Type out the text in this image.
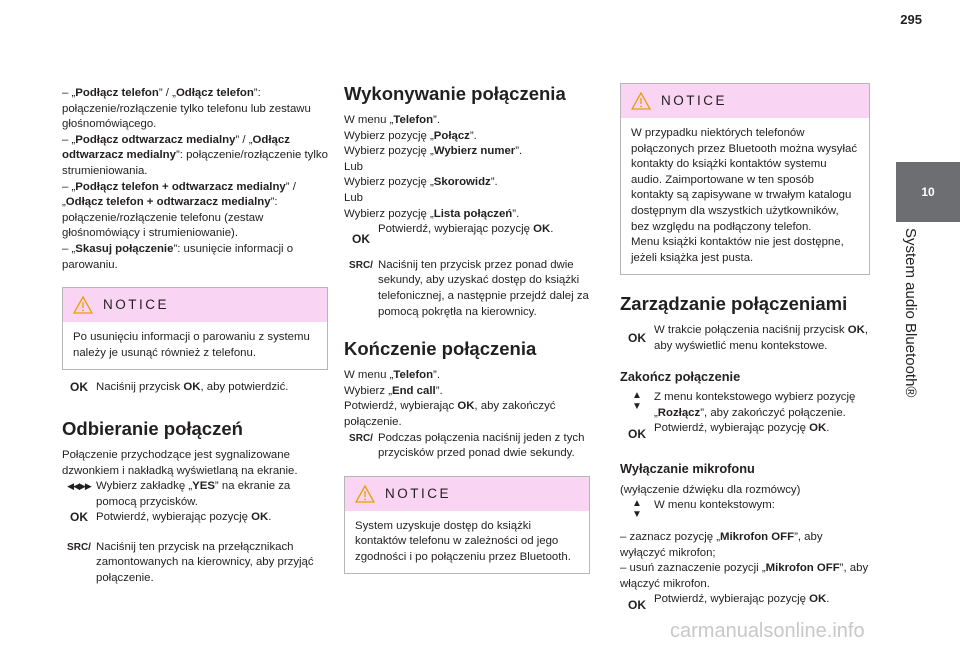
295
10
System audio Bluetooth®

– „Podłącz telefon” / „Odłącz telefon”: połączenie/rozłączenie tylko telefonu lub zestawu głośnomówiącego.

– „Podłącz odtwarzacz medialny” / „Odłącz odtwarzacz medialny”: połączenie/rozłączenie tylko strumieniowania.

– „Podłącz telefon + odtwarzacz medialny” / „Odłącz telefon + odtwarzacz medialny”: połączenie/rozłączenie telefonu (zestaw głośnomówiący i strumieniowanie).

– „Skasuj połączenie”: usunięcie informacji o parowaniu.

NOTICE
Po usunięciu informacji o parowaniu z systemu należy je usunąć również z telefonu.
OK Naciśnij przycisk OK, aby potwierdzić.

Odbieranie połączeń

Połączenie przychodzące jest sygnalizowane dzwonkiem i nakładką wyświetlaną na ekranie.

◀◀▶▶ Wybierz zakładkę „YES” na ekranie za pomocą przycisków.

OK Potwierdź, wybierając pozycję OK.

SRC/ Naciśnij ten przycisk na przełącznikach zamontowanych na kierownicy, aby przyjąć połączenie.

Wykonywanie połączenia

W menu „Telefon”.

Wybierz pozycję „Połącz”.

Wybierz pozycję „Wybierz numer”.

Lub

Wybierz pozycję „Skorowidz”.

Lub

Wybierz pozycję „Lista połączeń”.

OK

Potwierdź, wybierając pozycję OK.

SRC/ Naciśnij ten przycisk przez ponad dwie sekundy, aby uzyskać dostęp do książki telefonicznej, a następnie przejdź dalej za pomocą pokrętła na kierownicy.

Kończenie połączenia

W menu „Telefon”.

Wybierz „End call”.

Potwierdź, wybierając OK, aby zakończyć połączenie.

SRC/ Podczas połączenia naciśnij jeden z tych przycisków przed ponad dwie sekundy.

NOTICE
System uzyskuje dostęp do książki kontaktów telefonu w zależności od jego zgodności i po połączeniu przez Bluetooth.
NOTICE

W przypadku niektórych telefonów połączonych przez Bluetooth można wysyłać kontakty do książki kontaktów systemu audio. Zaimportowane w ten sposób kontakty są zapisywane w trwałym katalogu dostępnym dla wszystkich użytkowników, bez względu na podłączony telefon.

Menu książki kontaktów nie jest dostępne, jeżeli książka jest pusta.

Zarządzanie połączeniami
OK

W trakcie połączenia naciśnij przycisk OK, aby wyświetlić menu kontekstowe.

Zakończ połączenie
▲
▼

Z menu kontekstowego wybierz pozycję „Rozłącz”, aby zakończyć połączenie.

OK Potwierdź, wybierając pozycję OK.

Wyłączanie mikrofonu

(wyłączenie dźwięku dla rozmówcy)

▲
▼

W menu kontekstowym:

– zaznacz pozycję „Mikrofon OFF”, aby wyłączyć mikrofon;

– usuń zaznaczenie pozycji „Mikrofon OFF”, aby włączyć mikrofon.

OK Potwierdź, wybierając pozycję OK.

carmanualsonline.info
